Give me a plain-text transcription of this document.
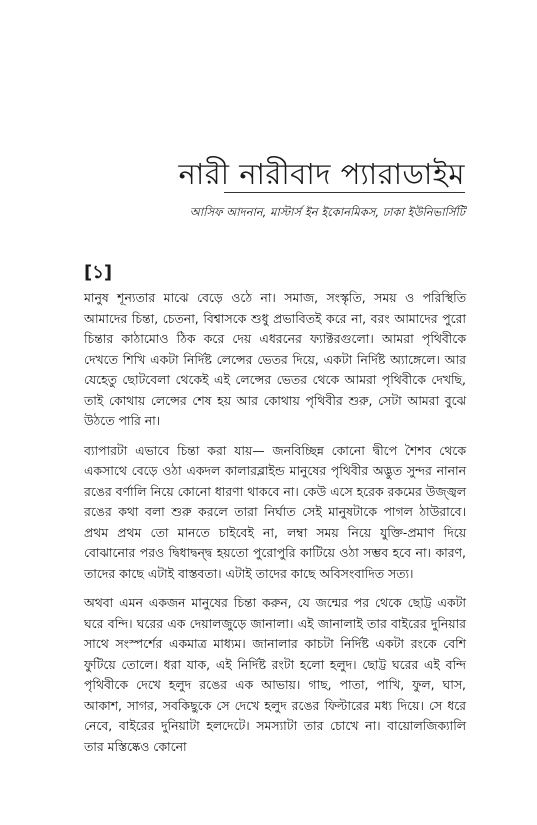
নারী নারীবাদ প্যারাডাইম

আসিফ আদনান, মাস্টার্স ইন ইকোনমিকস, ঢাকা ইউনিভার্সিটি

[১]

মানুষ শূন্যতার মাঝে বেড়ে ওঠে না। সমাজ, সংস্কৃতি, সময় ও পরিস্থিতি আমাদের চিন্তা, চেতনা, বিশ্বাসকে শুধু প্রভাবিতই করে না, বরং আমাদের পুরো চিন্তার কাঠামোও ঠিক করে দেয় এধরনের ফ্যাক্টরগুলো। আমরা পৃথিবীকে দেখতে শিখি একটা নির্দিষ্ট লেন্সের ভেতর দিয়ে, একটা নির্দিষ্ট অ্যাঙ্গেলে। আর যেহেতু ছোটবেলা থেকেই এই লেন্সের ভেতর থেকে আমরা পৃথিবীকে দেখছি, তাই কোথায় লেন্সের শেষ হয় আর কোথায় পৃথিবীর শুরু, সেটা আমরা বুঝে উঠতে পারি না।

ব্যাপারটা এভাবে চিন্তা করা যায়— জনবিচ্ছিন্ন কোনো দ্বীপে শৈশব থেকে একসাথে বেড়ে ওঠা একদল কালারব্লাইন্ড মানুষের পৃথিবীর অদ্ভুত সুন্দর নানান রঙের বর্ণালি নিয়ে কোনো ধারণা থাকবে না। কেউ এসে হরেক রকমের উজ্জ্বল রঙের কথা বলা শুরু করলে তারা নির্ঘাত সেই মানুষটাকে পাগল ঠাউরাবে। প্রথম প্রথম তো মানতে চাইবেই না, লম্বা সময় নিয়ে যুক্তি-প্রমাণ দিয়ে বোঝানোর পরও দ্বিধাদ্বন্দ্ব হয়তো পুরোপুরি কাটিয়ে ওঠা সম্ভব হবে না। কারণ, তাদের কাছে এটাই বাস্তবতা। এটাই তাদের কাছে অবিসংবাদিত সত্য।

অথবা এমন একজন মানুষের চিন্তা করুন, যে জন্মের পর থেকে ছোট্ট একটা ঘরে বন্দি। ঘরের এক দেয়ালজুড়ে জানালা। এই জানালাই তার বাইরের দুনিয়ার সাথে সংস্পর্শের একমাত্র মাধ্যম। জানালার কাচটা নির্দিষ্ট একটা রংকে বেশি ফুটিয়ে তোলে। ধরা যাক, এই নির্দিষ্ট রংটা হলো হলুদ। ছোট্ট ঘরের এই বন্দি পৃথিবীকে দেখে হলুদ রঙের এক আভায়। গাছ, পাতা, পাখি, ফুল, ঘাস, আকাশ, সাগর, সবকিছুকে সে দেখে হলুদ রঙের ফিল্টারের মধ্য দিয়ে। সে ধরে নেবে, বাইরের দুনিয়াটা হলদেটে। সমস্যাটা তার চোখে না। বায়োলজিক্যালি তার মস্তিষ্কেও কোনো
